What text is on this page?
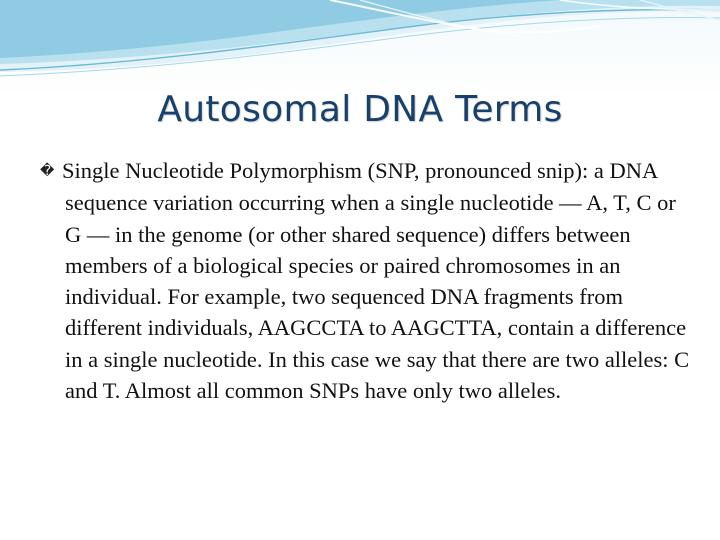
Autosomal DNA Terms

� Single Nucleotide Polymorphism (SNP, pronounced snip): a DNA sequence variation occurring when a single nucleotide — A, T, C or G — in the genome (or other shared sequence) differs between members of a biological species or paired chromosomes in an individual. For example, two sequenced DNA fragments from different individuals, AAGCCTA to AAGCTTA, contain a difference in a single nucleotide. In this case we say that there are two alleles: C and T. Almost all common SNPs have only two alleles.
